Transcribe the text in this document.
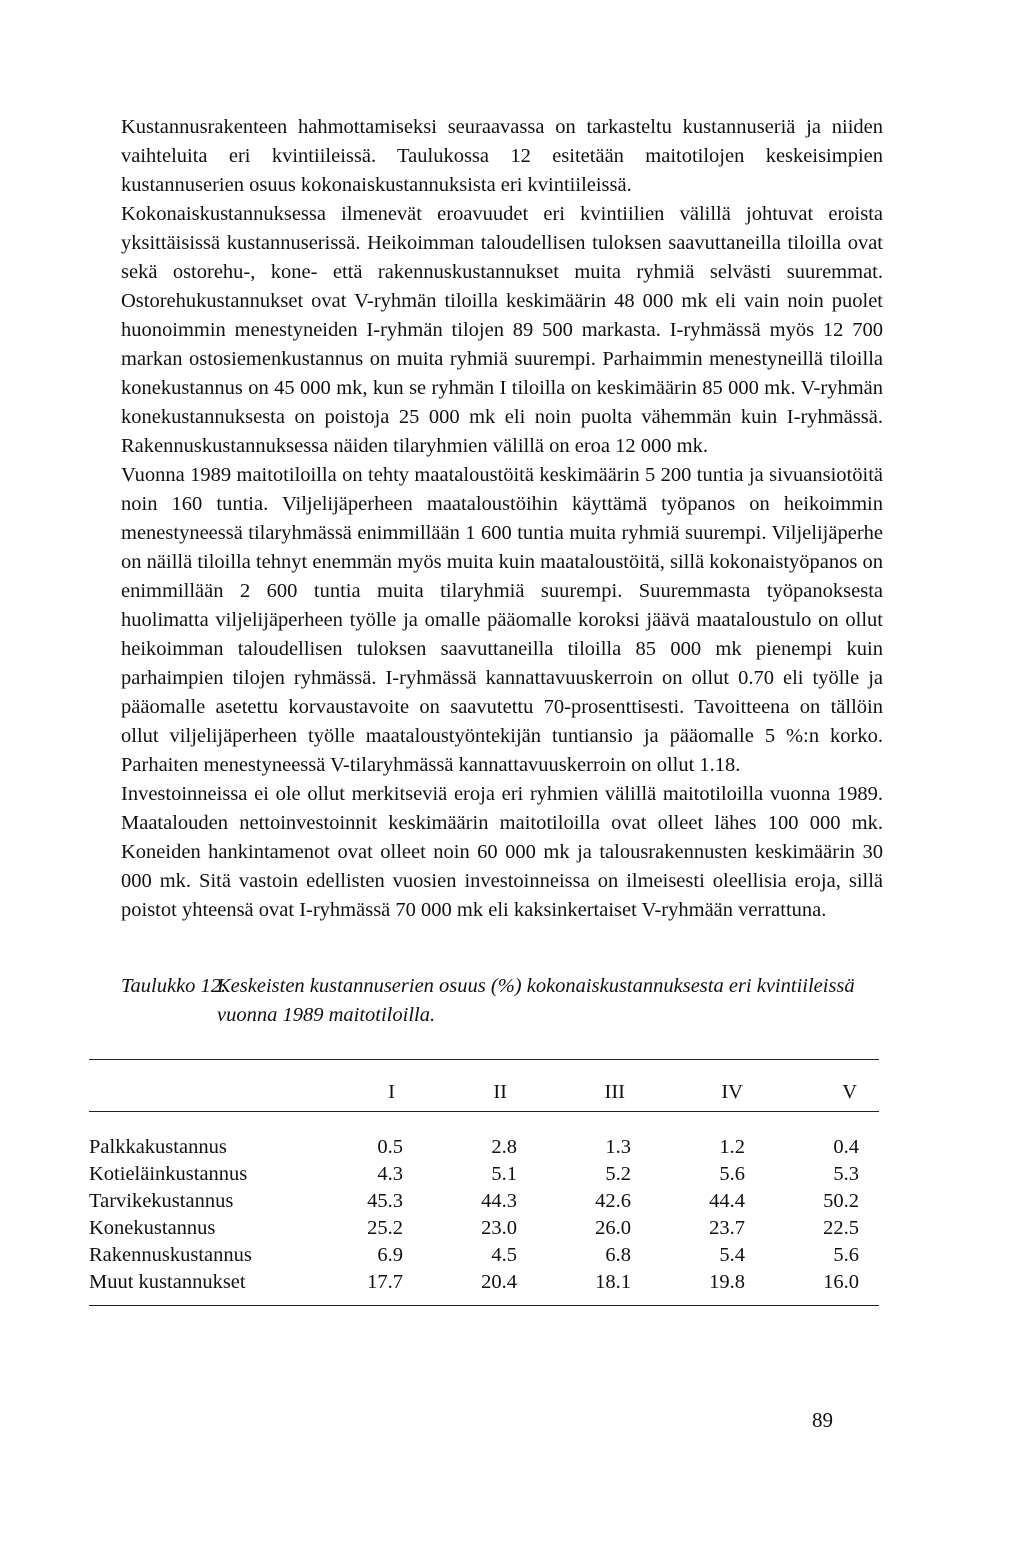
Kustannusrakenteen hahmottamiseksi seuraavassa on tarkasteltu kustannuseriä ja niiden vaihteluita eri kvintiileissä. Taulukossa 12 esitetään maitotilojen keskeisimpien kustannuserien osuus kokonaiskustannuksista eri kvintiileissä.

Kokonaiskustannuksessa ilmenevät eroavuudet eri kvintiilien välillä johtuvat eroista yksittäisissä kustannuserissä. Heikoimman taloudellisen tuloksen saavuttaneilla tiloilla ovat sekä ostorehu-, kone- että rakennuskustannukset muita ryhmiä selvästi suuremmat. Ostorehukustannukset ovat V-ryhmän tiloilla keskimäärin 48 000 mk eli vain noin puolet huonoimmin menestyneiden I-ryhmän tilojen 89 500 markasta. I-ryhmässä myös 12 700 markan ostosiemenkustannus on muita ryhmiä suurempi. Parhaimmin menestyneillä tiloilla konekustannus on 45 000 mk, kun se ryhmän I tiloilla on keskimäärin 85 000 mk. V-ryhmän konekustannuksesta on poistoja 25 000 mk eli noin puolta vähemmän kuin I-ryhmässä. Rakennuskustannuksessa näiden tilaryhmien välillä on eroa 12 000 mk.

Vuonna 1989 maitotiloilla on tehty maataloustöitä keskimäärin 5 200 tuntia ja sivuansiotöitä noin 160 tuntia. Viljelijäperheen maataloustöihin käyttämä työpanos on heikoimmin menestyneessä tilaryhmässä enimmillään 1 600 tuntia muita ryhmiä suurempi. Viljelijäperhe on näillä tiloilla tehnyt enemmän myös muita kuin maataloustöitä, sillä kokonaistyöpanos on enimmillään 2 600 tuntia muita tilaryhmiä suurempi. Suuremmasta työpanoksesta huolimatta viljelijäperheen työlle ja omalle pääomalle koroksi jäävä maataloustulo on ollut heikoimman taloudellisen tuloksen saavuttaneilla tiloilla 85 000 mk pienempi kuin parhaimpien tilojen ryhmässä. I-ryhmässä kannattavuuskerroin on ollut 0.70 eli työlle ja pääomalle asetettu korvaustavoite on saavutettu 70-prosenttisesti. Tavoitteena on tällöin ollut viljelijäperheen työlle maataloustyöntekijän tuntiansio ja pääomalle 5 %:n korko. Parhaiten menestyneessä V-tilaryhmässä kannattavuuskerroin on ollut 1.18.

Investoinneissa ei ole ollut merkitseviä eroja eri ryhmien välillä maitotiloilla vuonna 1989. Maatalouden nettoinvestoinnit keskimäärin maitotiloilla ovat olleet lähes 100 000 mk. Koneiden hankintamenot ovat olleet noin 60 000 mk ja talousrakennusten keskimäärin 30 000 mk. Sitä vastoin edellisten vuosien investoinneissa on ilmeisesti oleellisia eroja, sillä poistot yhteensä ovat I-ryhmässä 70 000 mk eli kaksinkertaiset V-ryhmään verrattuna.

Taulukko 12.
Keskeisten kustannuserien osuus (%) kokonaiskustannuksesta eri kvintiileissä vuonna 1989 maitotiloilla.
	I	II	III	IV	V

Palkkakustannus	0.5	2.8	1.3	1.2	0.4
Kotieläinkustannus	4.3	5.1	5.2	5.6	5.3
Tarvikekustannus	45.3	44.3	42.6	44.4	50.2
Konekustannus	25.2	23.0	26.0	23.7	22.5
Rakennuskustannus	6.9	4.5	6.8	5.4	5.6
Muut kustannukset	17.7	20.4	18.1	19.8	16.0
89
